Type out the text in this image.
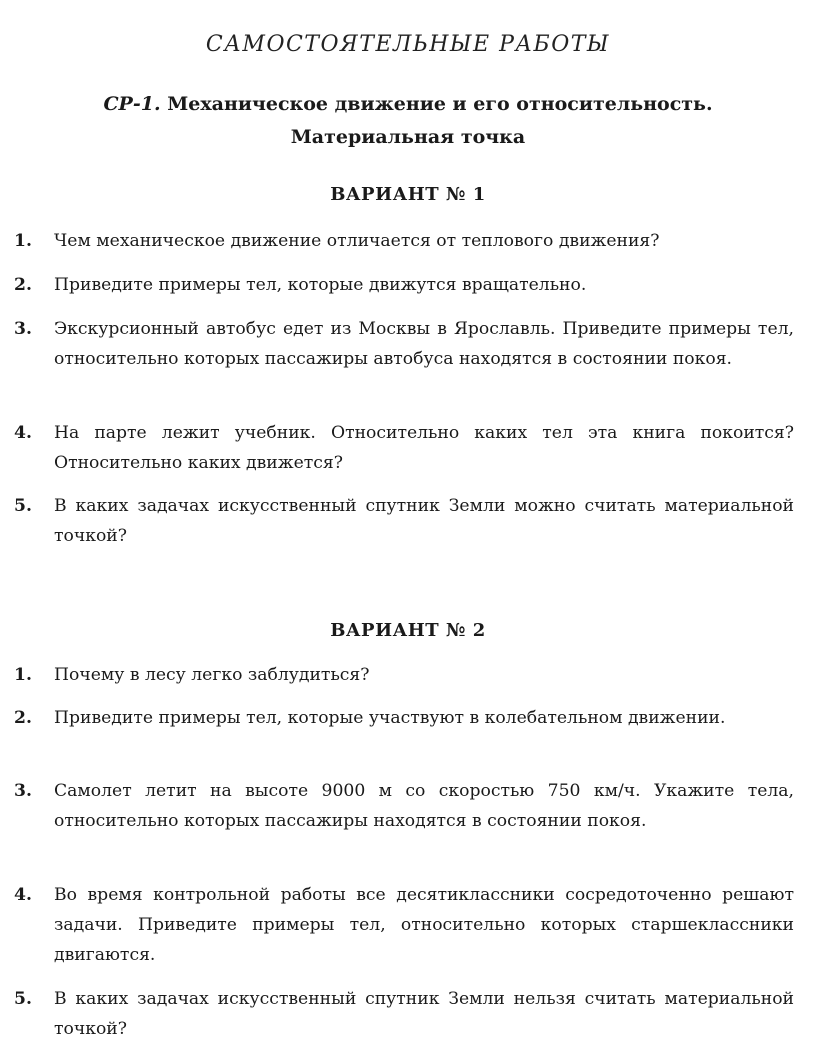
САМОСТОЯТЕЛЬНЫЕ РАБОТЫ
СР-1. Механическое движение и его относительность.
Материальная точка
ВАРИАНТ № 1
1. Чем механическое движение отличается от теплового движения?
2. Приведите примеры тел, которые движутся вращательно.
3. Экскурсионный автобус едет из Москвы в Ярославль. Приведите примеры тел, относительно которых пассажиры автобуса находятся в состоянии покоя.
4. На парте лежит учебник. Относительно каких тел эта книга покоится? Относительно каких движется?
5. В каких задачах искусственный спутник Земли можно считать материальной точкой?
ВАРИАНТ № 2
1. Почему в лесу легко заблудиться?
2. Приведите примеры тел, которые участвуют в колебательном движении.
3. Самолет летит на высоте 9000 м со скоростью 750 км/ч. Укажите тела, относительно которых пассажиры находятся в состоянии покоя.
4. Во время контрольной работы все десятиклассники сосредоточенно решают задачи. Приведите примеры тел, относительно которых старшеклассники двигаются.
5. В каких задачах искусственный спутник Земли нельзя считать материальной точкой?
